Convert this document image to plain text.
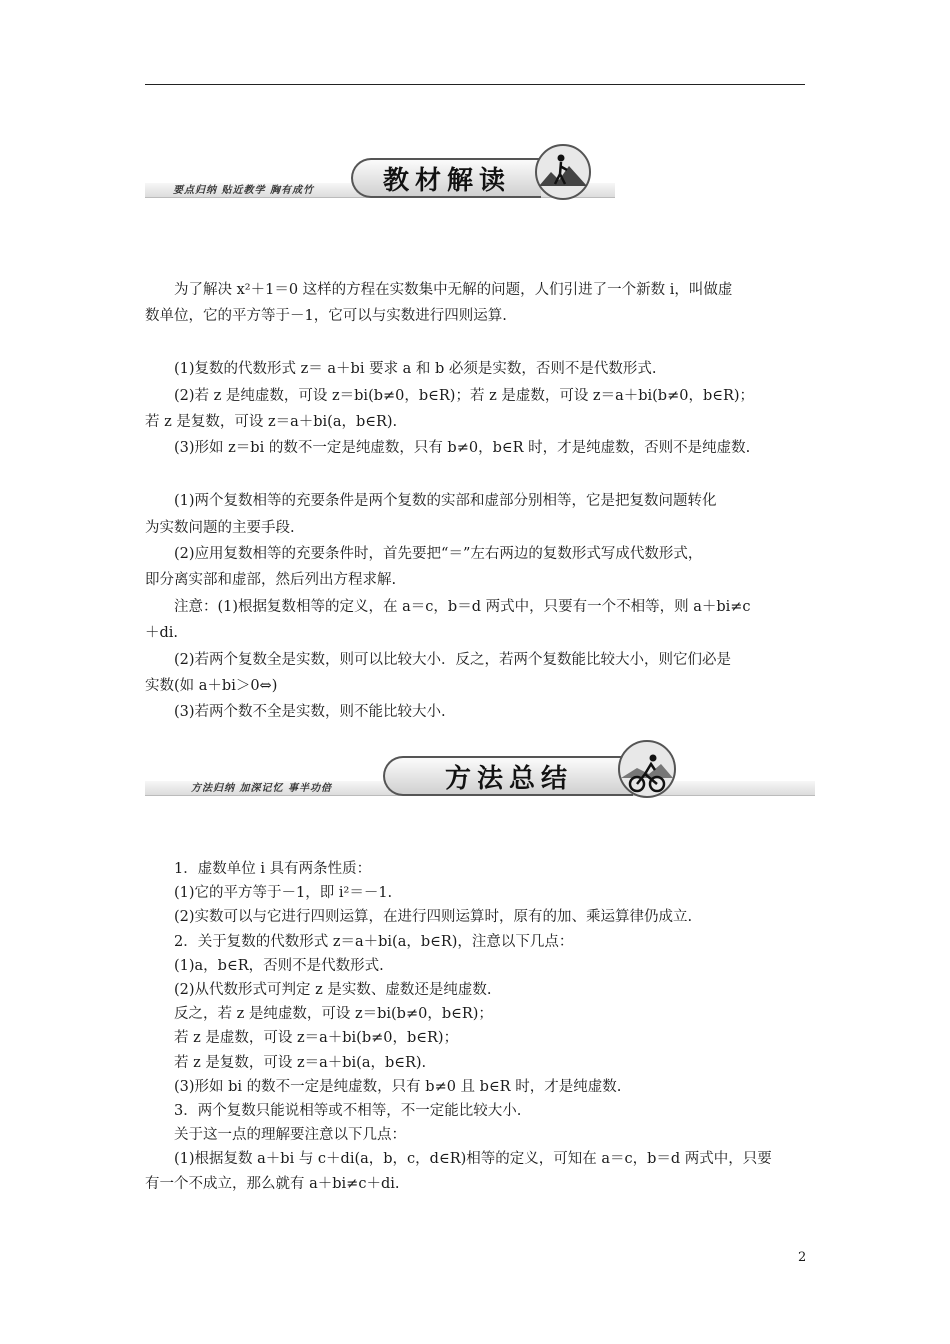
要点归纳 贴近教学 胸有成竹	教材解读

为了解决 x²＋1＝0 这样的方程在实数集中无解的问题，人们引进了一个新数 i，叫做虚

数单位，它的平方等于－1，它可以与实数进行四则运算.

(1)复数的代数形式 z＝ a＋bi 要求 a 和 b 必须是实数，否则不是代数形式.

(2)若 z 是纯虚数，可设 z＝bi(b≠0，b∈R)；若 z 是虚数，可设 z＝a＋bi(b≠0，b∈R)；

若 z 是复数，可设 z＝a＋bi(a，b∈R).

(3)形如 z＝bi 的数不一定是纯虚数，只有 b≠0，b∈R 时，才是纯虚数，否则不是纯虚数.

(1)两个复数相等的充要条件是两个复数的实部和虚部分别相等，它是把复数问题转化

为实数问题的主要手段.

(2)应用复数相等的充要条件时，首先要把“＝”左右两边的复数形式写成代数形式，

即分离实部和虚部，然后列出方程求解.

注意：(1)根据复数相等的定义，在 a＝c，b＝d 两式中，只要有一个不相等，则 a＋bi≠c

＋di.

(2)若两个复数全是实数，则可以比较大小．反之，若两个复数能比较大小，则它们必是

实数(如 a＋bi＞0⇔)

(3)若两个数不全是实数，则不能比较大小.

方法归纳 加深记忆 事半功倍	方法总结

1．虚数单位 i 具有两条性质：

(1)它的平方等于－1，即 i²＝－1.

(2)实数可以与它进行四则运算，在进行四则运算时，原有的加、乘运算律仍成立.

2．关于复数的代数形式 z＝a＋bi(a，b∈R)，注意以下几点：

(1)a，b∈R，否则不是代数形式.

(2)从代数形式可判定 z 是实数、虚数还是纯虚数.

反之，若 z 是纯虚数，可设 z＝bi(b≠0，b∈R)；

若 z 是虚数，可设 z＝a＋bi(b≠0，b∈R)；

若 z 是复数，可设 z＝a＋bi(a，b∈R).

(3)形如 bi 的数不一定是纯虚数，只有 b≠0 且 b∈R 时，才是纯虚数.

3．两个复数只能说相等或不相等，不一定能比较大小.

关于这一点的理解要注意以下几点：

(1)根据复数 a＋bi 与 c＋di(a，b，c，d∈R)相等的定义，可知在 a＝c，b＝d 两式中，只要

有一个不成立，那么就有 a＋bi≠c＋di.

2
